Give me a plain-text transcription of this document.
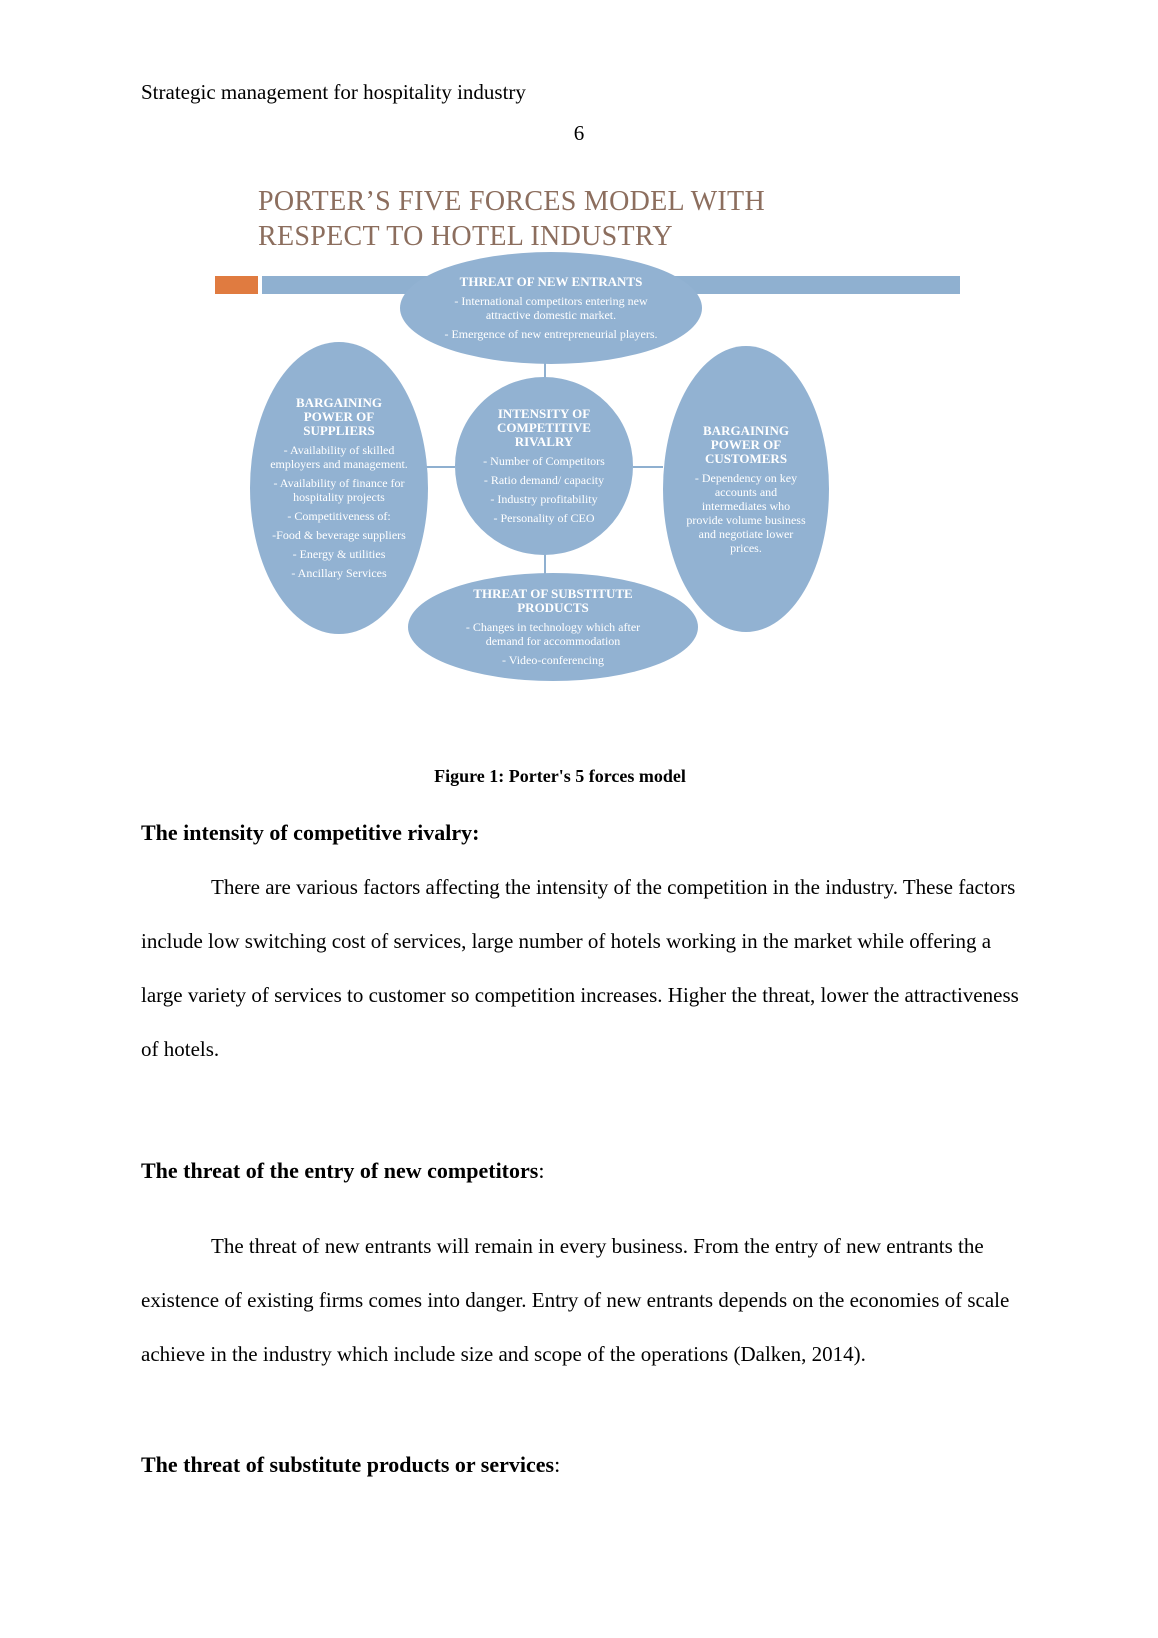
Strategic management for hospitality industry
6
PORTER’S FIVE FORCES MODEL WITH
RESPECT TO HOTEL INDUSTRY
THREAT OF NEW ENTRANTS
- International competitors entering new attractive domestic market.
- Emergence of new entrepreneurial players.
BARGAINING POWER OF SUPPLIERS
- Availability of skilled employers and management.
- Availability of finance for hospitality projects
- Competitiveness of:
-Food & beverage suppliers
- Energy & utilities
- Ancillary Services
INTENSITY OF COMPETITIVE RIVALRY
- Number of Competitors
- Ratio demand/ capacity
- Industry profitability
- Personality of CEO
BARGAINING POWER OF CUSTOMERS
- Dependency on key accounts and intermediates who provide volume business and negotiate lower prices.
THREAT OF SUBSTITUTE PRODUCTS
- Changes in technology which after demand for accommodation
- Video-conferencing
Figure 1: Porter's 5 forces model
The intensity of competitive rivalry:
There are various factors affecting the intensity of the competition in the industry. These factors include low switching cost of services, large number of hotels working in the market while offering a large variety of services to customer so competition increases. Higher the threat, lower the attractiveness of hotels.
The threat of the entry of new competitors:
The threat of new entrants will remain in every business. From the entry of new entrants the existence of existing firms comes into danger. Entry of new entrants depends on the economies of scale achieve in the industry which include size and scope of the operations (Dalken, 2014).
The threat of substitute products or services:
